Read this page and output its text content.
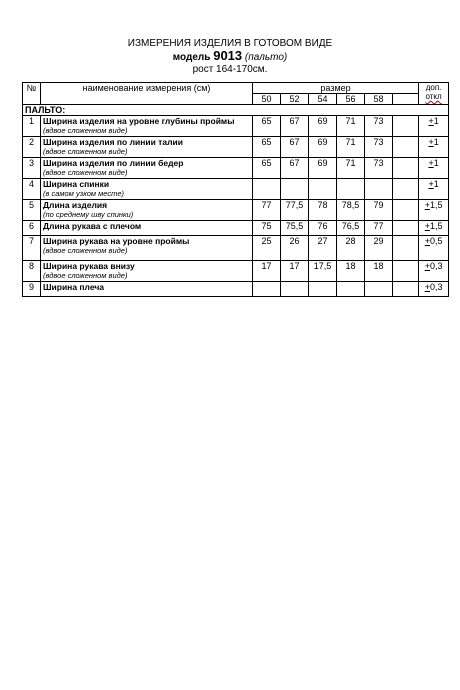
ИЗМЕРЕНИЯ ИЗДЕЛИЯ В ГОТОВОМ ВИДЕ
модель 9013 (пальто)
рост 164-170см.
№	наименование измерения (см)	размер						доп.
откл
		50	52	54	56	58		
ПАЛЬТО:								
1	Ширина изделия на уровне глубины проймы
(вдвое сложенном виде)	65	67	69	71	73		+1
2	Ширина изделия по линии талии
(вдвое сложенном виде)	65	67	69	71	73		+1
3	Ширина изделия по линии бедер
(вдвое сложенном виде)	65	67	69	71	73		+1
4	Ширина спинки
(в самом узком месте)							+1
5	Длина изделия
(по среднему шву спинки)	77	77,5	78	78,5	79		+1,5
6	Длина рукава с плечом	75	75,5	76	76,5	77		+1,5
7	Ширина рукава на уровне проймы
(вдвое сложенном виде)	25	26	27	28	29		+0,5
8	Ширина рукава внизу
(вдвое сложенном виде)	17	17	17,5	18	18		+0,3
9	Ширина плеча							+0,3
